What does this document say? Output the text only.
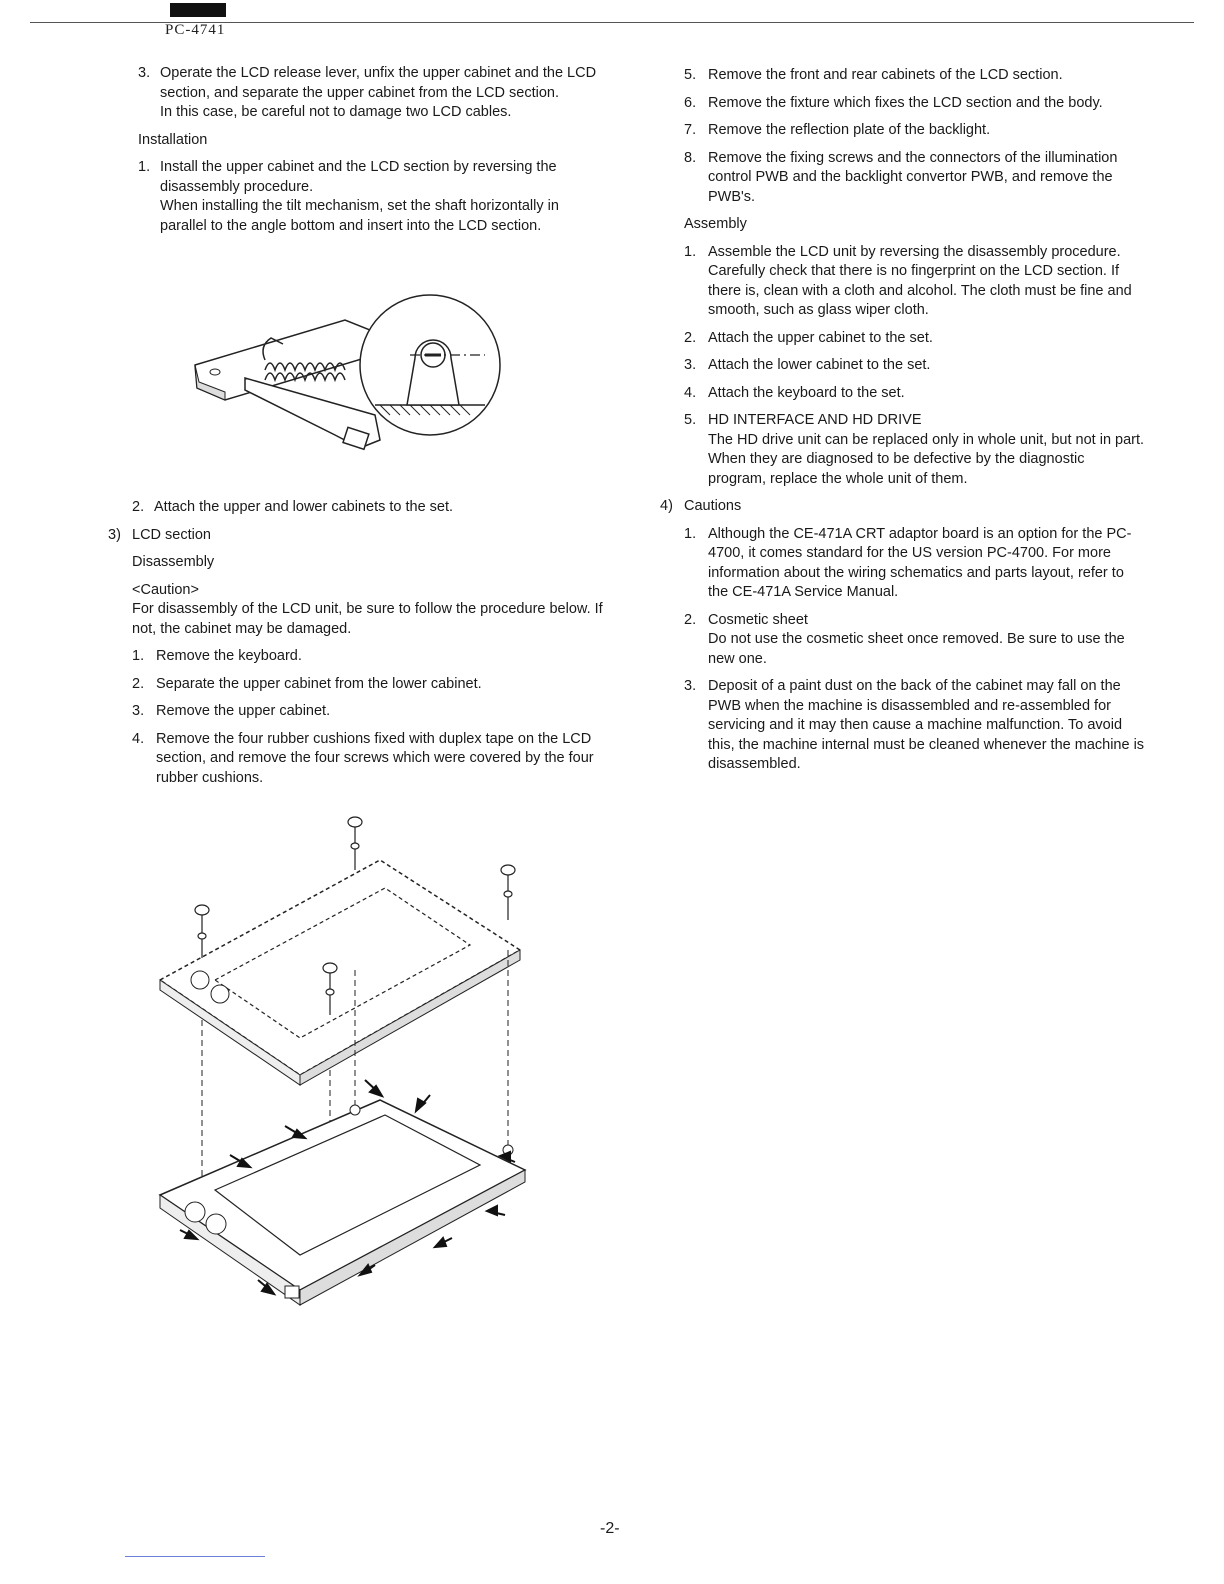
PC-4741
3. Operate the LCD release lever, unfix the upper cabinet and the LCD section, and separate the upper cabinet from the LCD section.

In this case, be careful not to damage two LCD cables.

Installation

1. Install the upper cabinet and the LCD section by reversing the disassembly procedure.

When installing the tilt mechanism, set the shaft horizontally in parallel to the angle bottom and insert into the LCD section.

2. Attach the upper and lower cabinets to the set.
3) LCD section

Disassembly

<Caution>

For disassembly of the LCD unit, be sure to follow the procedure below. If not, the cabinet may be damaged.

1. Remove the keyboard.
2. Separate the upper cabinet from the lower cabinet.
3. Remove the upper cabinet.
4. Remove the four rubber cushions fixed with duplex tape on the LCD section, and remove the four screws which were covered by the four rubber cushions.
5. Remove the front and rear cabinets of the LCD section.
6. Remove the fixture which fixes the LCD section and the body.
7. Remove the reflection plate of the backlight.
8. Remove the fixing screws and the connectors of the illumination control PWB and the backlight convertor PWB, and remove the PWB's.

Assembly

1. Assemble the LCD unit by reversing the disassembly procedure.

Carefully check that there is no fingerprint on the LCD section. If there is, clean with a cloth and alcohol. The cloth must be fine and smooth, such as glass wiper cloth.

2. Attach the upper cabinet to the set.
3. Attach the lower cabinet to the set.
4. Attach the keyboard to the set.
5. HD INTERFACE AND HD DRIVE

The HD drive unit can be replaced only in whole unit, but not in part. When they are diagnosed to be defective by the diagnostic program, replace the whole unit of them.

4) Cautions
1. Although the CE-471A CRT adaptor board is an option for the PC-4700, it comes standard for the US version PC-4700. For more information about the wiring schematics and parts layout, refer to the CE-471A Service Manual.
2. Cosmetic sheet

Do not use the cosmetic sheet once removed. Be sure to use the new one.

3. Deposit of a paint dust on the back of the cabinet may fall on the PWB when the machine is disassembled and re-assembled for servicing and it may then cause a machine malfunction. To avoid this, the machine internal must be cleaned whenever the machine is disassembled.
-2-
